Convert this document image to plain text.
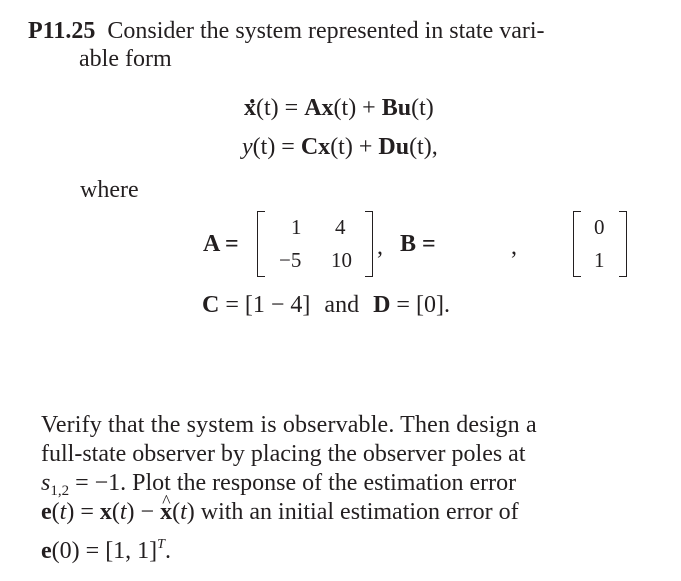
P11.25 Consider the system represented in state vari-
able form
. x(t) = Ax(t) + Bu(t)
y(t) = Cx(t) + Du(t),
where
A =
1 4
−5 10
, B =
0
1
,
C = [1 − 4] and D = [0].
Verify that the system is observable. Then design a
full-state observer by placing the observer poles at
$s_{1,2} = -1$. Plot the response of the estimation error
e(t) = x(t) − ^ x(t) with an initial estimation error of
e(0) = [1, 1]$^T$.
